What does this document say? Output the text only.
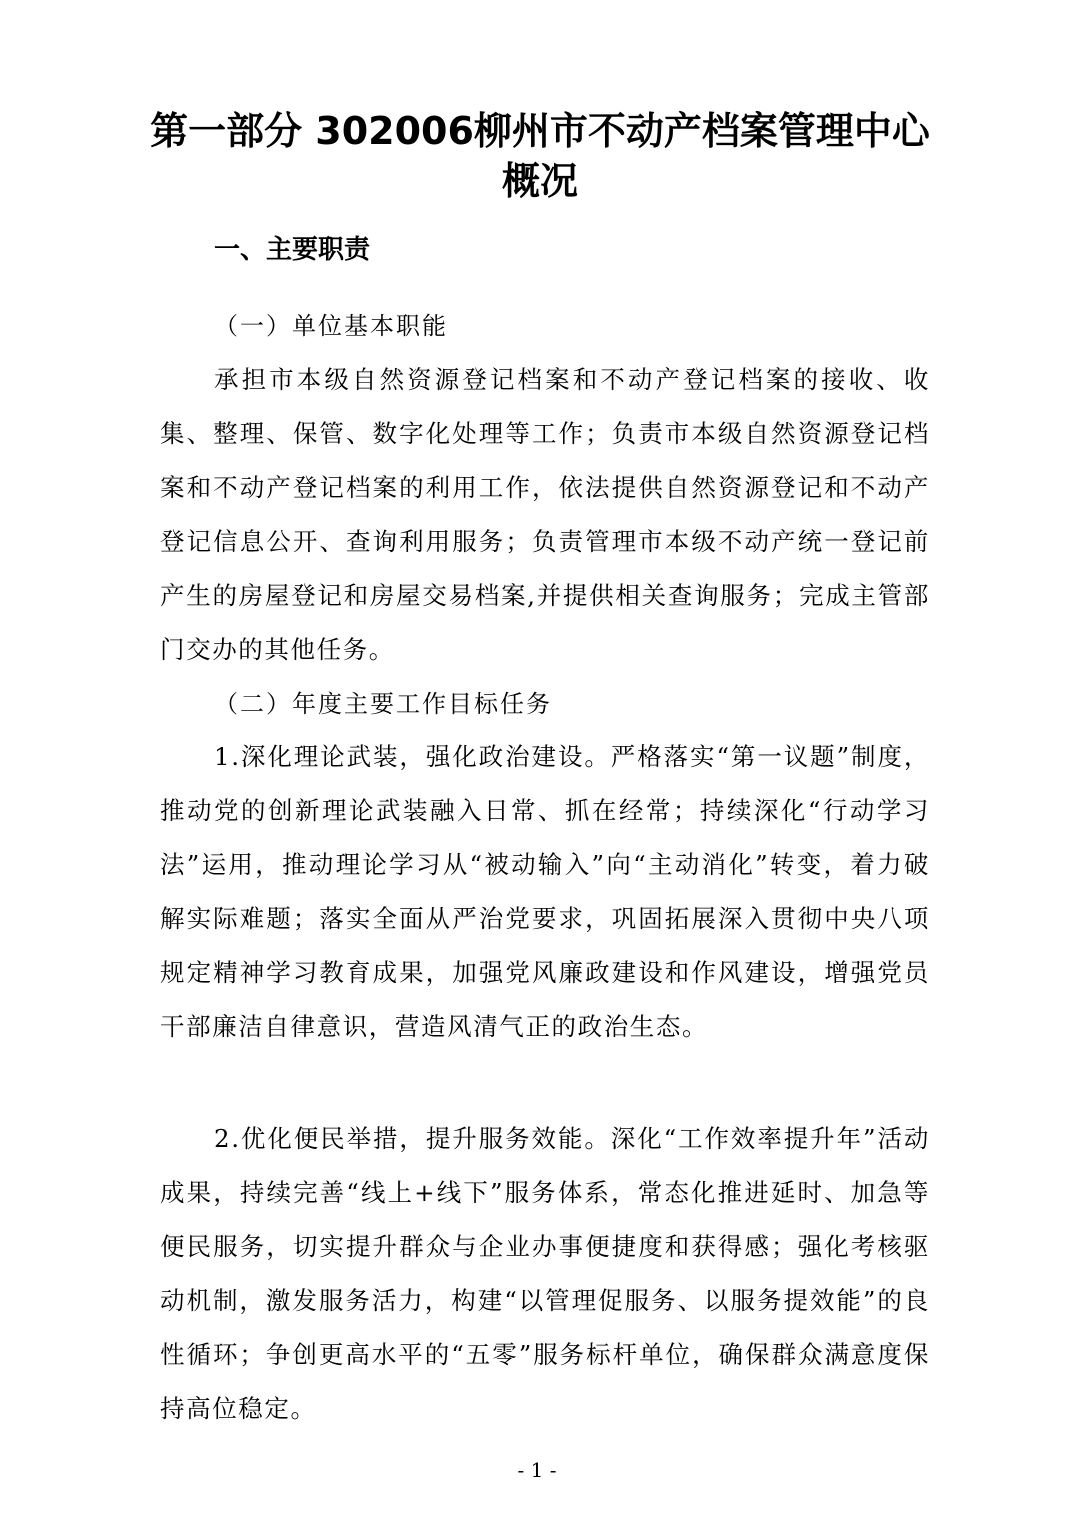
第一部分 302006柳州市不动产档案管理中心概况
一、主要职责

（一）单位基本职能

承担市本级自然资源登记档案和不动产登记档案的接收、收集、整理、保管、数字化处理等工作；负责市本级自然资源登记档案和不动产登记档案的利用工作，依法提供自然资源登记和不动产登记信息公开、查询利用服务；负责管理市本级不动产统一登记前产生的房屋登记和房屋交易档案,并提供相关查询服务；完成主管部门交办的其他任务。

（二）年度主要工作目标任务

1.深化理论武装，强化政治建设。严格落实“第一议题”制度，推动党的创新理论武装融入日常、抓在经常；持续深化“行动学习法”运用，推动理论学习从“被动输入”向“主动消化”转变，着力破解实际难题；落实全面从严治党要求，巩固拓展深入贯彻中央八项规定精神学习教育成果，加强党风廉政建设和作风建设，增强党员干部廉洁自律意识，营造风清气正的政治生态。

2.优化便民举措，提升服务效能。深化“工作效率提升年”活动成果，持续完善“线上+线下”服务体系，常态化推进延时、加急等便民服务，切实提升群众与企业办事便捷度和获得感；强化考核驱动机制，激发服务活力，构建“以管理促服务、以服务提效能”的良性循环；争创更高水平的“五零”服务标杆单位，确保群众满意度保持高位稳定。

- 1 -
